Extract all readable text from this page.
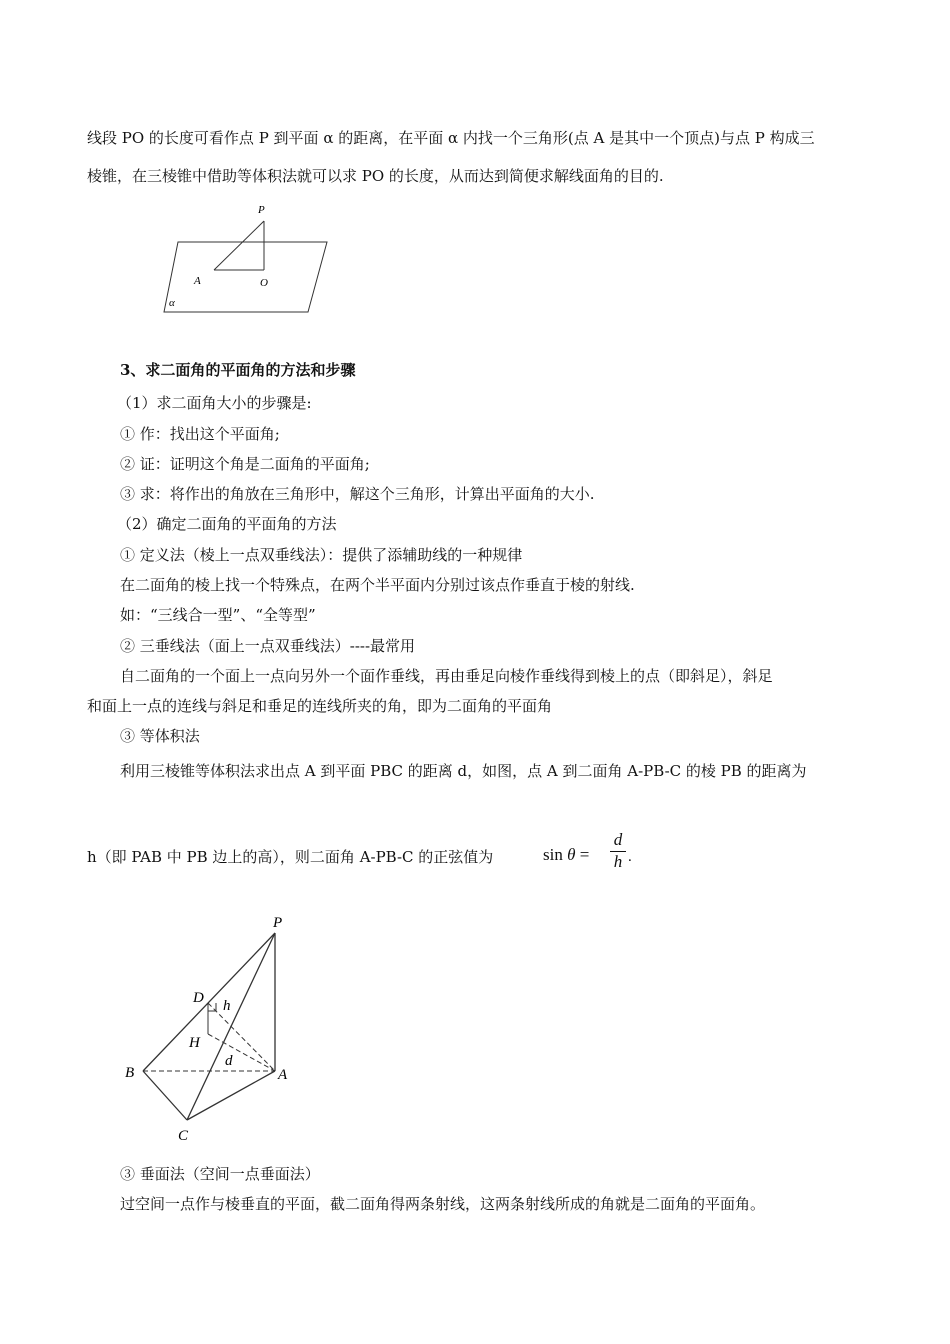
线段 PO 的长度可看作点 P 到平面 α 的距离，在平面 α 内找一个三角形(点 A 是其中一个顶点)与点 P 构成三
棱锥，在三棱锥中借助等体积法就可以求 PO 的长度，从而达到简便求解线面角的目的.
P
A	O
α
3、求二面角的平面角的方法和步骤
（1）求二面角大小的步骤是:
① 作：找出这个平面角;
② 证：证明这个角是二面角的平面角;
③ 求：将作出的角放在三角形中，解这个三角形，计算出平面角的大小.
（2）确定二面角的平面角的方法
① 定义法（棱上一点双垂线法）：提供了添辅助线的一种规律
在二面角的棱上找一个特殊点，在两个半平面内分别过该点作垂直于棱的射线.
如：“三线合一型”、“全等型”
② 三垂线法（面上一点双垂线法）----最常用
自二面角的一个面上一点向另外一个面作垂线，再由垂足向棱作垂线得到棱上的点（即斜足），斜足
和面上一点的连线与斜足和垂足的连线所夹的角，即为二面角的平面角
③ 等体积法
利用三棱锥等体积法求出点 A 到平面 PBC 的距离 d，如图，点 A 到二面角 A-PB-C 的棱 PB 的距离为
h（即 PAB 中 PB 边上的高），则二面角 A-PB-C 的正弦值为	$\sin \theta = \frac{d}{h}$ .
P
D h
H
d
B	A
C
③ 垂面法（空间一点垂面法）
过空间一点作与棱垂直的平面，截二面角得两条射线，这两条射线所成的角就是二面角的平面角。
